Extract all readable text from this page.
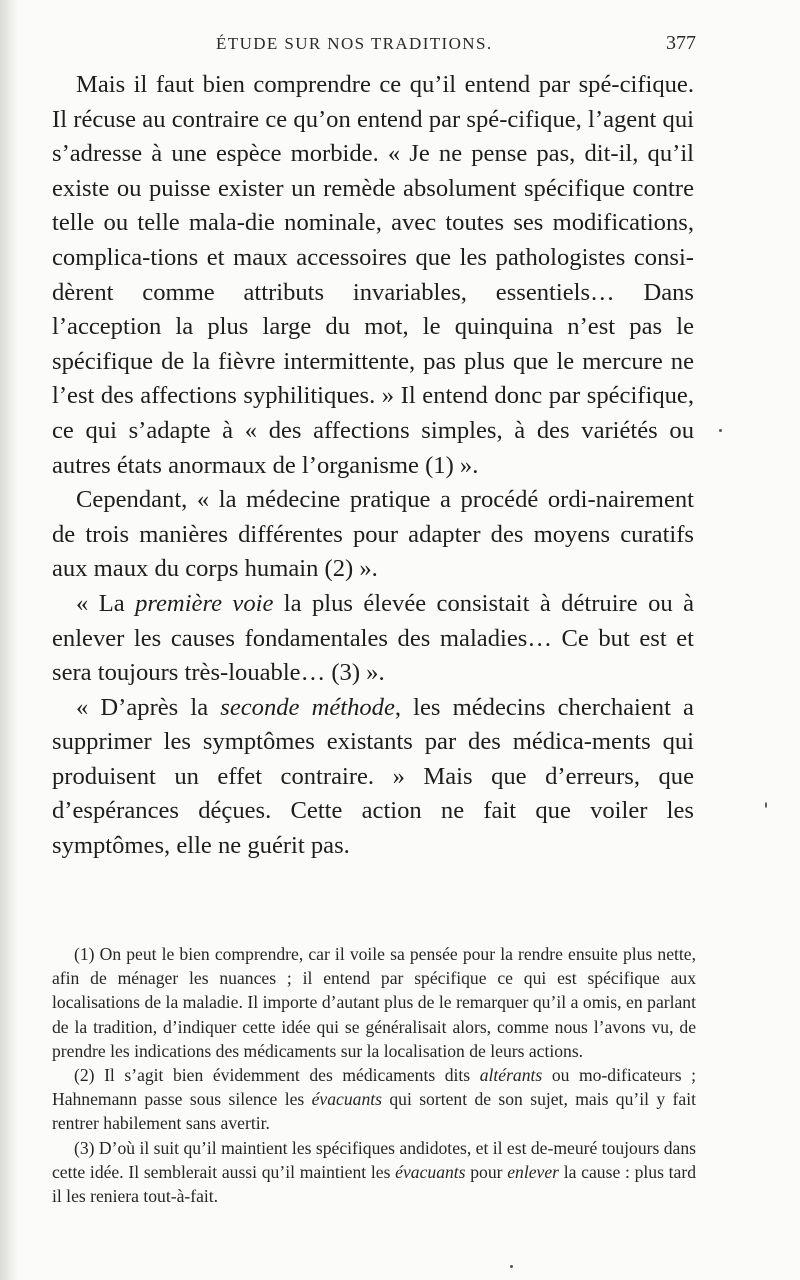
ÉTUDE SUR NOS TRADITIONS.	377

Mais il faut bien comprendre ce qu’il entend par spé-cifique. Il récuse au contraire ce qu’on entend par spé-cifique, l’agent qui s’adresse à une espèce morbide. « Je ne pense pas, dit-il, qu’il existe ou puisse exister un remède absolument spécifique contre telle ou telle mala-die nominale, avec toutes ses modifications, complica-tions et maux accessoires que les pathologistes consi-dèrent comme attributs invariables, essentiels… Dans l’acception la plus large du mot, le quinquina n’est pas le spécifique de la fièvre intermittente, pas plus que le mercure ne l’est des affections syphilitiques. » Il entend donc par spécifique, ce qui s’adapte à « des affections simples, à des variétés ou autres états anormaux de l’organisme (1) ».

Cependant, « la médecine pratique a procédé ordi-nairement de trois manières différentes pour adapter des moyens curatifs aux maux du corps humain (2) ».

« La première voie la plus élevée consistait à détruire ou à enlever les causes fondamentales des maladies… Ce but est et sera toujours très-louable… (3) ».

« D’après la seconde méthode, les médecins cherchaient a supprimer les symptômes existants par des médica-ments qui produisent un effet contraire. » Mais que d’erreurs, que d’espérances déçues. Cette action ne fait que voiler les symptômes, elle ne guérit pas.

(1) On peut le bien comprendre, car il voile sa pensée pour la rendre ensuite plus nette, afin de ménager les nuances ; il entend par spécifique ce qui est spécifique aux localisations de la maladie. Il importe d’autant plus de le remarquer qu’il a omis, en parlant de la tradition, d’indiquer cette idée qui se généralisait alors, comme nous l’avons vu, de prendre les indications des médicaments sur la localisation de leurs actions.

(2) Il s’agit bien évidemment des médicaments dits altérants ou mo-dificateurs ; Hahnemann passe sous silence les évacuants qui sortent de son sujet, mais qu’il y fait rentrer habilement sans avertir.

(3) D’où il suit qu’il maintient les spécifiques andidotes, et il est de-meuré toujours dans cette idée. Il semblerait aussi qu’il maintient les évacuants pour enlever la cause : plus tard il les reniera tout-à-fait.
